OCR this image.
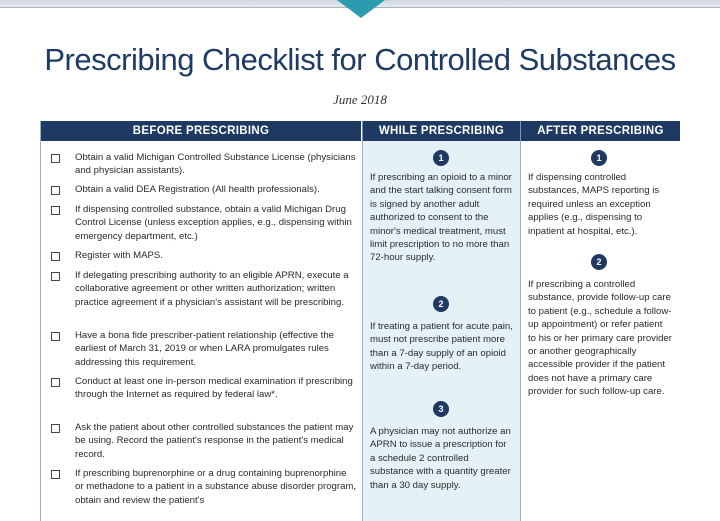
Prescribing Checklist for Controlled Substances
June 2018
BEFORE PRESCRIBING	WHILE PRESCRIBING	AFTER PRESCRIBING
Obtain a valid Michigan Controlled Substance License (physicians and physician assistants).
Obtain a valid DEA Registration (All health professionals).
If dispensing controlled substance, obtain a valid Michigan Drug Control License (unless exception applies, e.g., dispensing within emergency department, etc.)
Register with MAPS.
If delegating prescribing authority to an eligible APRN, execute a collaborative agreement or other written authorization; written practice agreement if a physician's assistant will be prescribing.
Have a bona fide prescriber-patient relationship (effective the earliest of March 31, 2019 or when LARA promulgates rules addressing this requirement.
Conduct at least one in-person medical examination if prescribing through the Internet as required by federal law*.
Ask the patient about other controlled substances the patient may be using. Record the patient's response in the patient's medical record.
If prescribing buprenorphine or a drug containing buprenorphine or methadone to a patient in a substance abuse disorder program, obtain and review the patient's
1
If prescribing an opioid to a minor and the start talking consent form is signed by another adult authorized to consent to the minor's medical treatment, must limit prescription to no more than 72-hour supply.
2
If treating a patient for acute pain, must not prescribe patient more than a 7-day supply of an opioid within a 7-day period.
3
A physician may not authorize an APRN to issue a prescription for a schedule 2 controlled substance with a quantity greater than a 30 day supply.
1
If dispensing controlled substances, MAPS reporting is required unless an exception applies (e.g., dispensing to inpatient at hospital, etc.).
2
If prescribing a controlled substance, provide follow-up care to patient (e.g., schedule a follow-up appointment) or refer patient to his or her primary care provider or another geographically accessible provider if the patient does not have a primary care provider for such follow-up care.
